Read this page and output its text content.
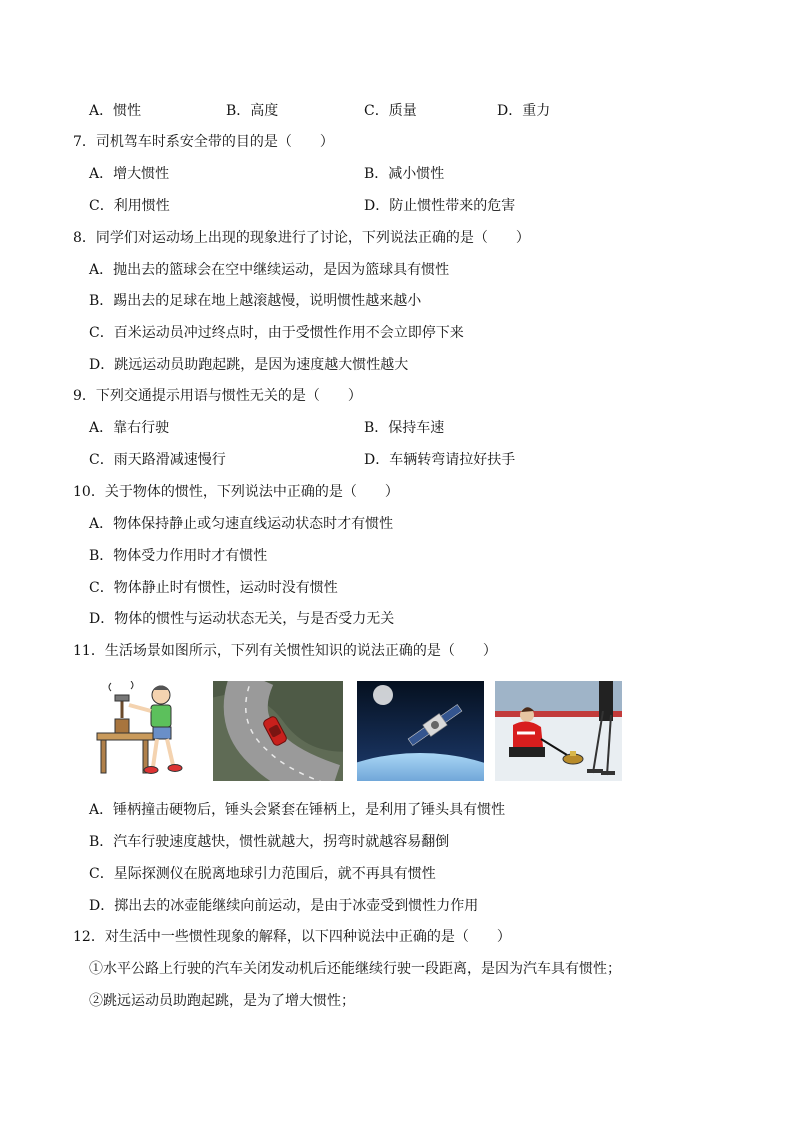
A．惯性	B．高度	C．质量	D．重力
7．司机驾车时系安全带的目的是（　　）
A．增大惯性	B．减小惯性
C．利用惯性	D．防止惯性带来的危害
8．同学们对运动场上出现的现象进行了讨论，下列说法正确的是（　　）
A．抛出去的篮球会在空中继续运动，是因为篮球具有惯性
B．踢出去的足球在地上越滚越慢，说明惯性越来越小
C．百米运动员冲过终点时，由于受惯性作用不会立即停下来
D．跳远运动员助跑起跳，是因为速度越大惯性越大
9．下列交通提示用语与惯性无关的是（　　）
A．靠右行驶	B．保持车速
C．雨天路滑减速慢行	D．车辆转弯请拉好扶手
10．关于物体的惯性，下列说法中正确的是（　　）
A．物体保持静止或匀速直线运动状态时才有惯性
B．物体受力作用时才有惯性
C．物体静止时有惯性，运动时没有惯性
D．物体的惯性与运动状态无关，与是否受力无关
11．生活场景如图所示，下列有关惯性知识的说法正确的是（　　）
A．锤柄撞击硬物后，锤头会紧套在锤柄上，是利用了锤头具有惯性
B．汽车行驶速度越快，惯性就越大，拐弯时就越容易翻倒
C．星际探测仪在脱离地球引力范围后，就不再具有惯性
D．掷出去的冰壶能继续向前运动，是由于冰壶受到惯性力作用
12．对生活中一些惯性现象的解释，以下四种说法中正确的是（　　）
①水平公路上行驶的汽车关闭发动机后还能继续行驶一段距离，是因为汽车具有惯性；
②跳远运动员助跑起跳，是为了增大惯性；
